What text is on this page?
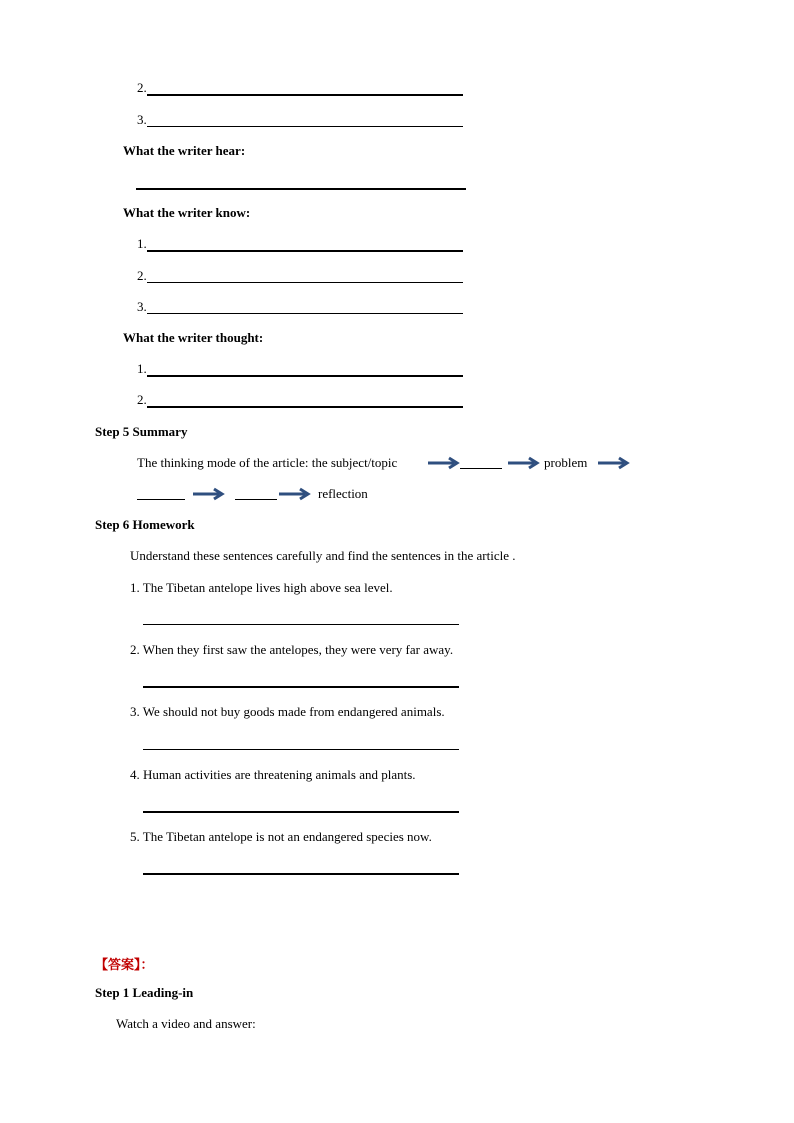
2.
3.
What the writer hear:
What the writer know:
1.
2.
3.
What the writer thought:
1.
2.
Step 5 Summary
The thinking mode of the article: the subject/topic	problem
reflection
Step 6 Homework
Understand these sentences carefully and find the sentences in the article .
1. The Tibetan antelope lives high above sea level.
2. When they first saw the antelopes, they were very far away.
3. We should not buy goods made from endangered animals.
4. Human activities are threatening animals and plants.
5. The Tibetan antelope is not an endangered species now.
【答案】：
Step 1 Leading-in
Watch a video and answer:
